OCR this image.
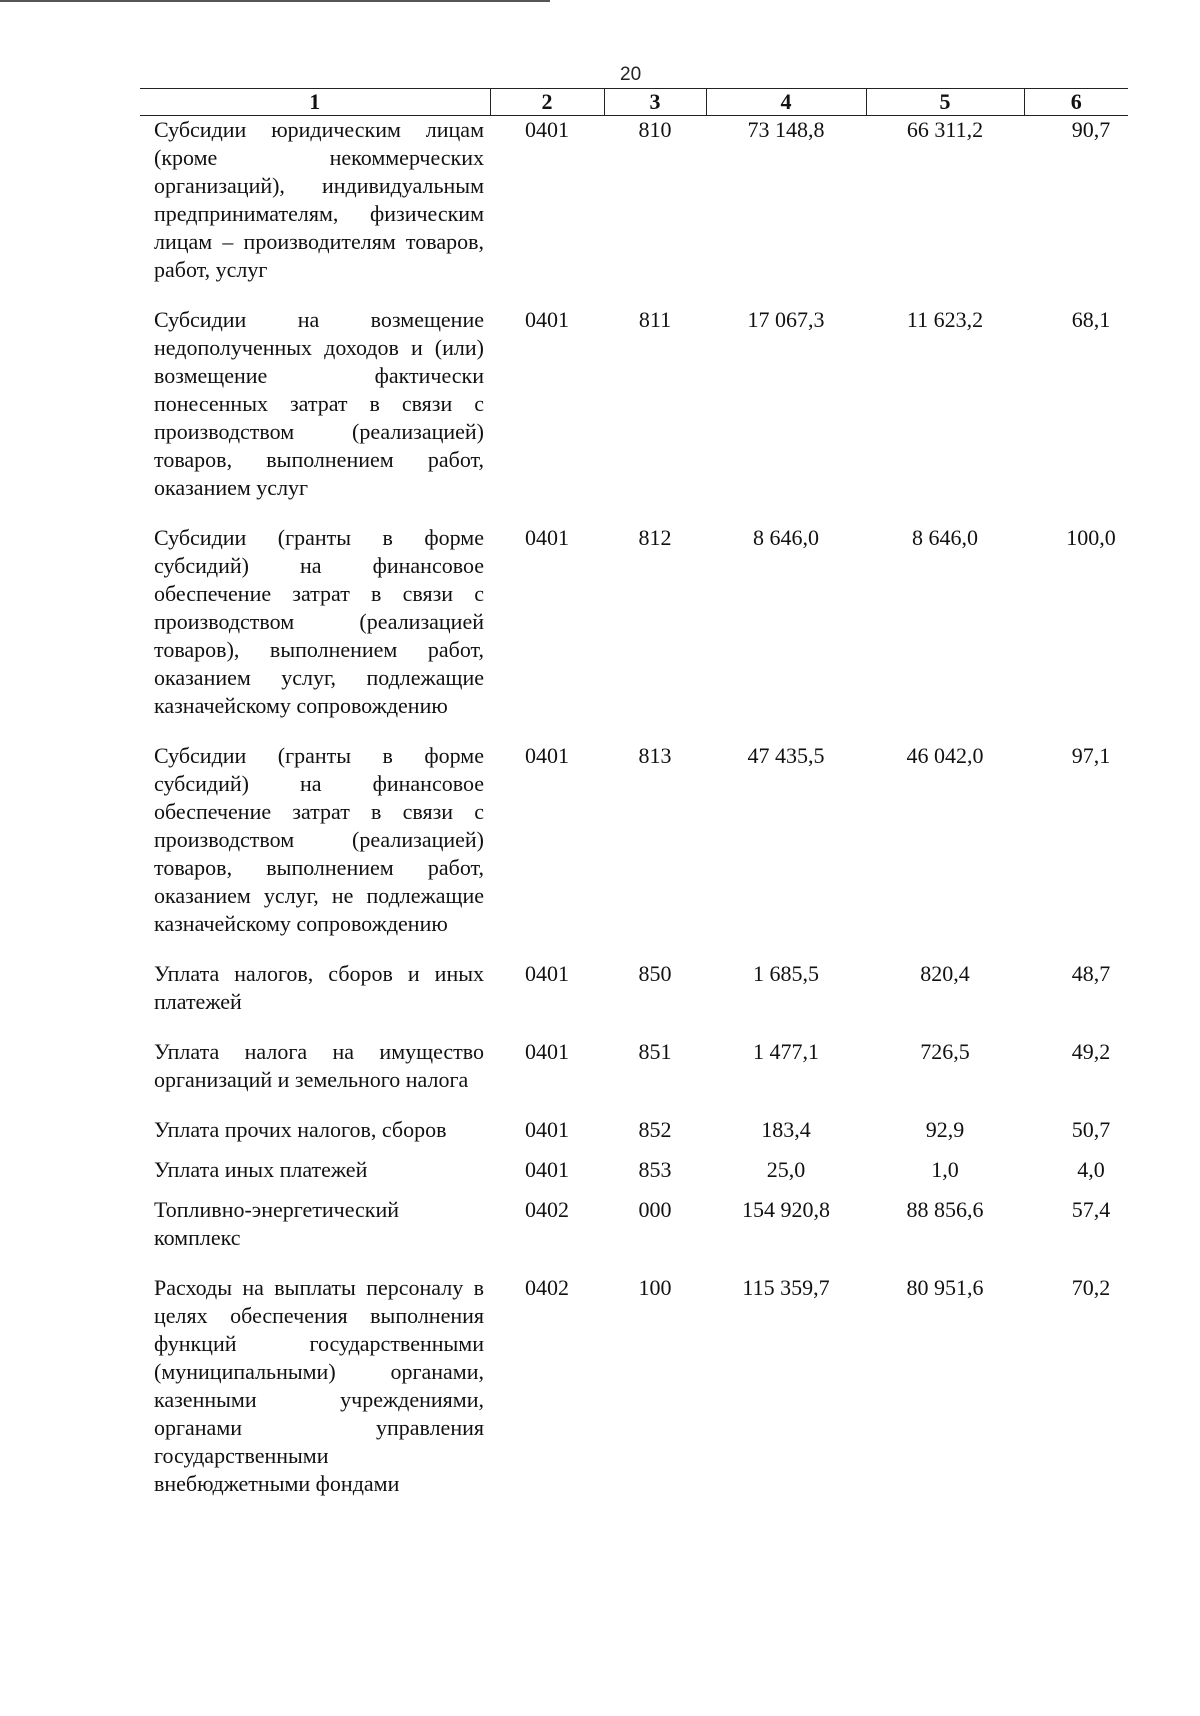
20
1	2	3	4	5	6
Субсидии юридическим лицам (кроме некоммерческих организаций), индивидуальным предпринимателям, физическим лицам – производителям товаров, работ, услуг	0401	810	73 148,8	66 311,2	90,7
Субсидии на возмещение недополученных доходов и (или) возмещение фактически понесенных затрат в связи с производством (реализацией) товаров, выполнением работ, оказанием услуг	0401	811	17 067,3	11 623,2	68,1
Субсидии (гранты в форме субсидий) на финансовое обеспечение затрат в связи с производством (реализацией товаров), выполнением работ, оказанием услуг, подлежащие казначейскому сопровождению	0401	812	8 646,0	8 646,0	100,0
Субсидии (гранты в форме субсидий) на финансовое обеспечение затрат в связи с производством (реализацией) товаров, выполнением работ, оказанием услуг, не подлежащие казначейскому сопровождению	0401	813	47 435,5	46 042,0	97,1
Уплата налогов, сборов и иных платежей	0401	850	1 685,5	820,4	48,7
Уплата налога на имущество организаций и земельного налога	0401	851	1 477,1	726,5	49,2
Уплата прочих налогов, сборов	0401	852	183,4	92,9	50,7
Уплата иных платежей	0401	853	25,0	1,0	4,0
Топливно-энергетический комплекс	0402	000	154 920,8	88 856,6	57,4
Расходы на выплаты персоналу в целях обеспечения выполнения функций государственными (муниципальными) органами, казенными учреждениями, органами управления государственными внебюджетными фондами	0402	100	115 359,7	80 951,6	70,2
